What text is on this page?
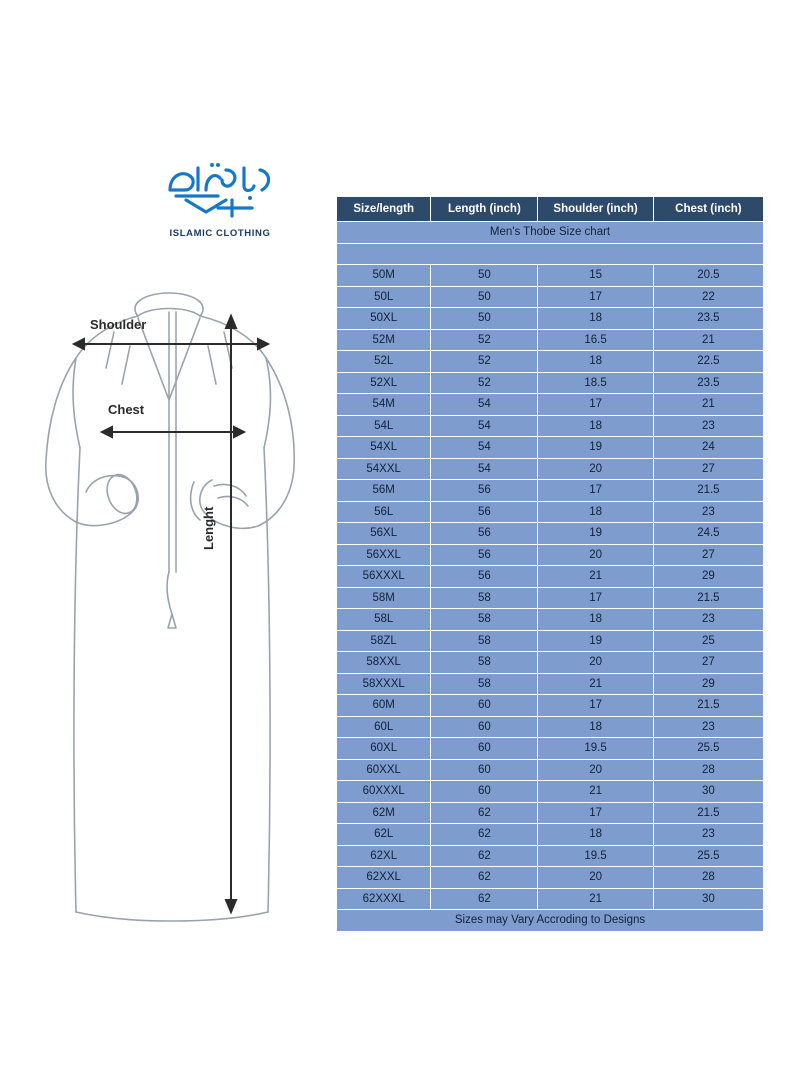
ISLAMIC CLOTHING
Shoulder
Chest
Lenght
Men's Thobe Size chart			

Size/length	Length (inch)	Shoulder (inch)	Chest (inch)
50M	50	15	20.5
50L	50	17	22
50XL	50	18	23.5
52M	52	16.5	21
52L	52	18	22.5
52XL	52	18.5	23.5
54M	54	17	21
54L	54	18	23
54XL	54	19	24
54XXL	54	20	27
56M	56	17	21.5
56L	56	18	23
56XL	56	19	24.5
56XXL	56	20	27
56XXXL	56	21	29
58M	58	17	21.5
58L	58	18	23
58ZL	58	19	25
58XXL	58	20	27
58XXXL	58	21	29
60M	60	17	21.5
60L	60	18	23
60XL	60	19.5	25.5
60XXL	60	20	28
60XXXL	60	21	30
62M	62	17	21.5
62L	62	18	23
62XL	62	19.5	25.5
62XXL	62	20	28
62XXXL	62	21	30
Sizes may Vary Accroding to Designs			
